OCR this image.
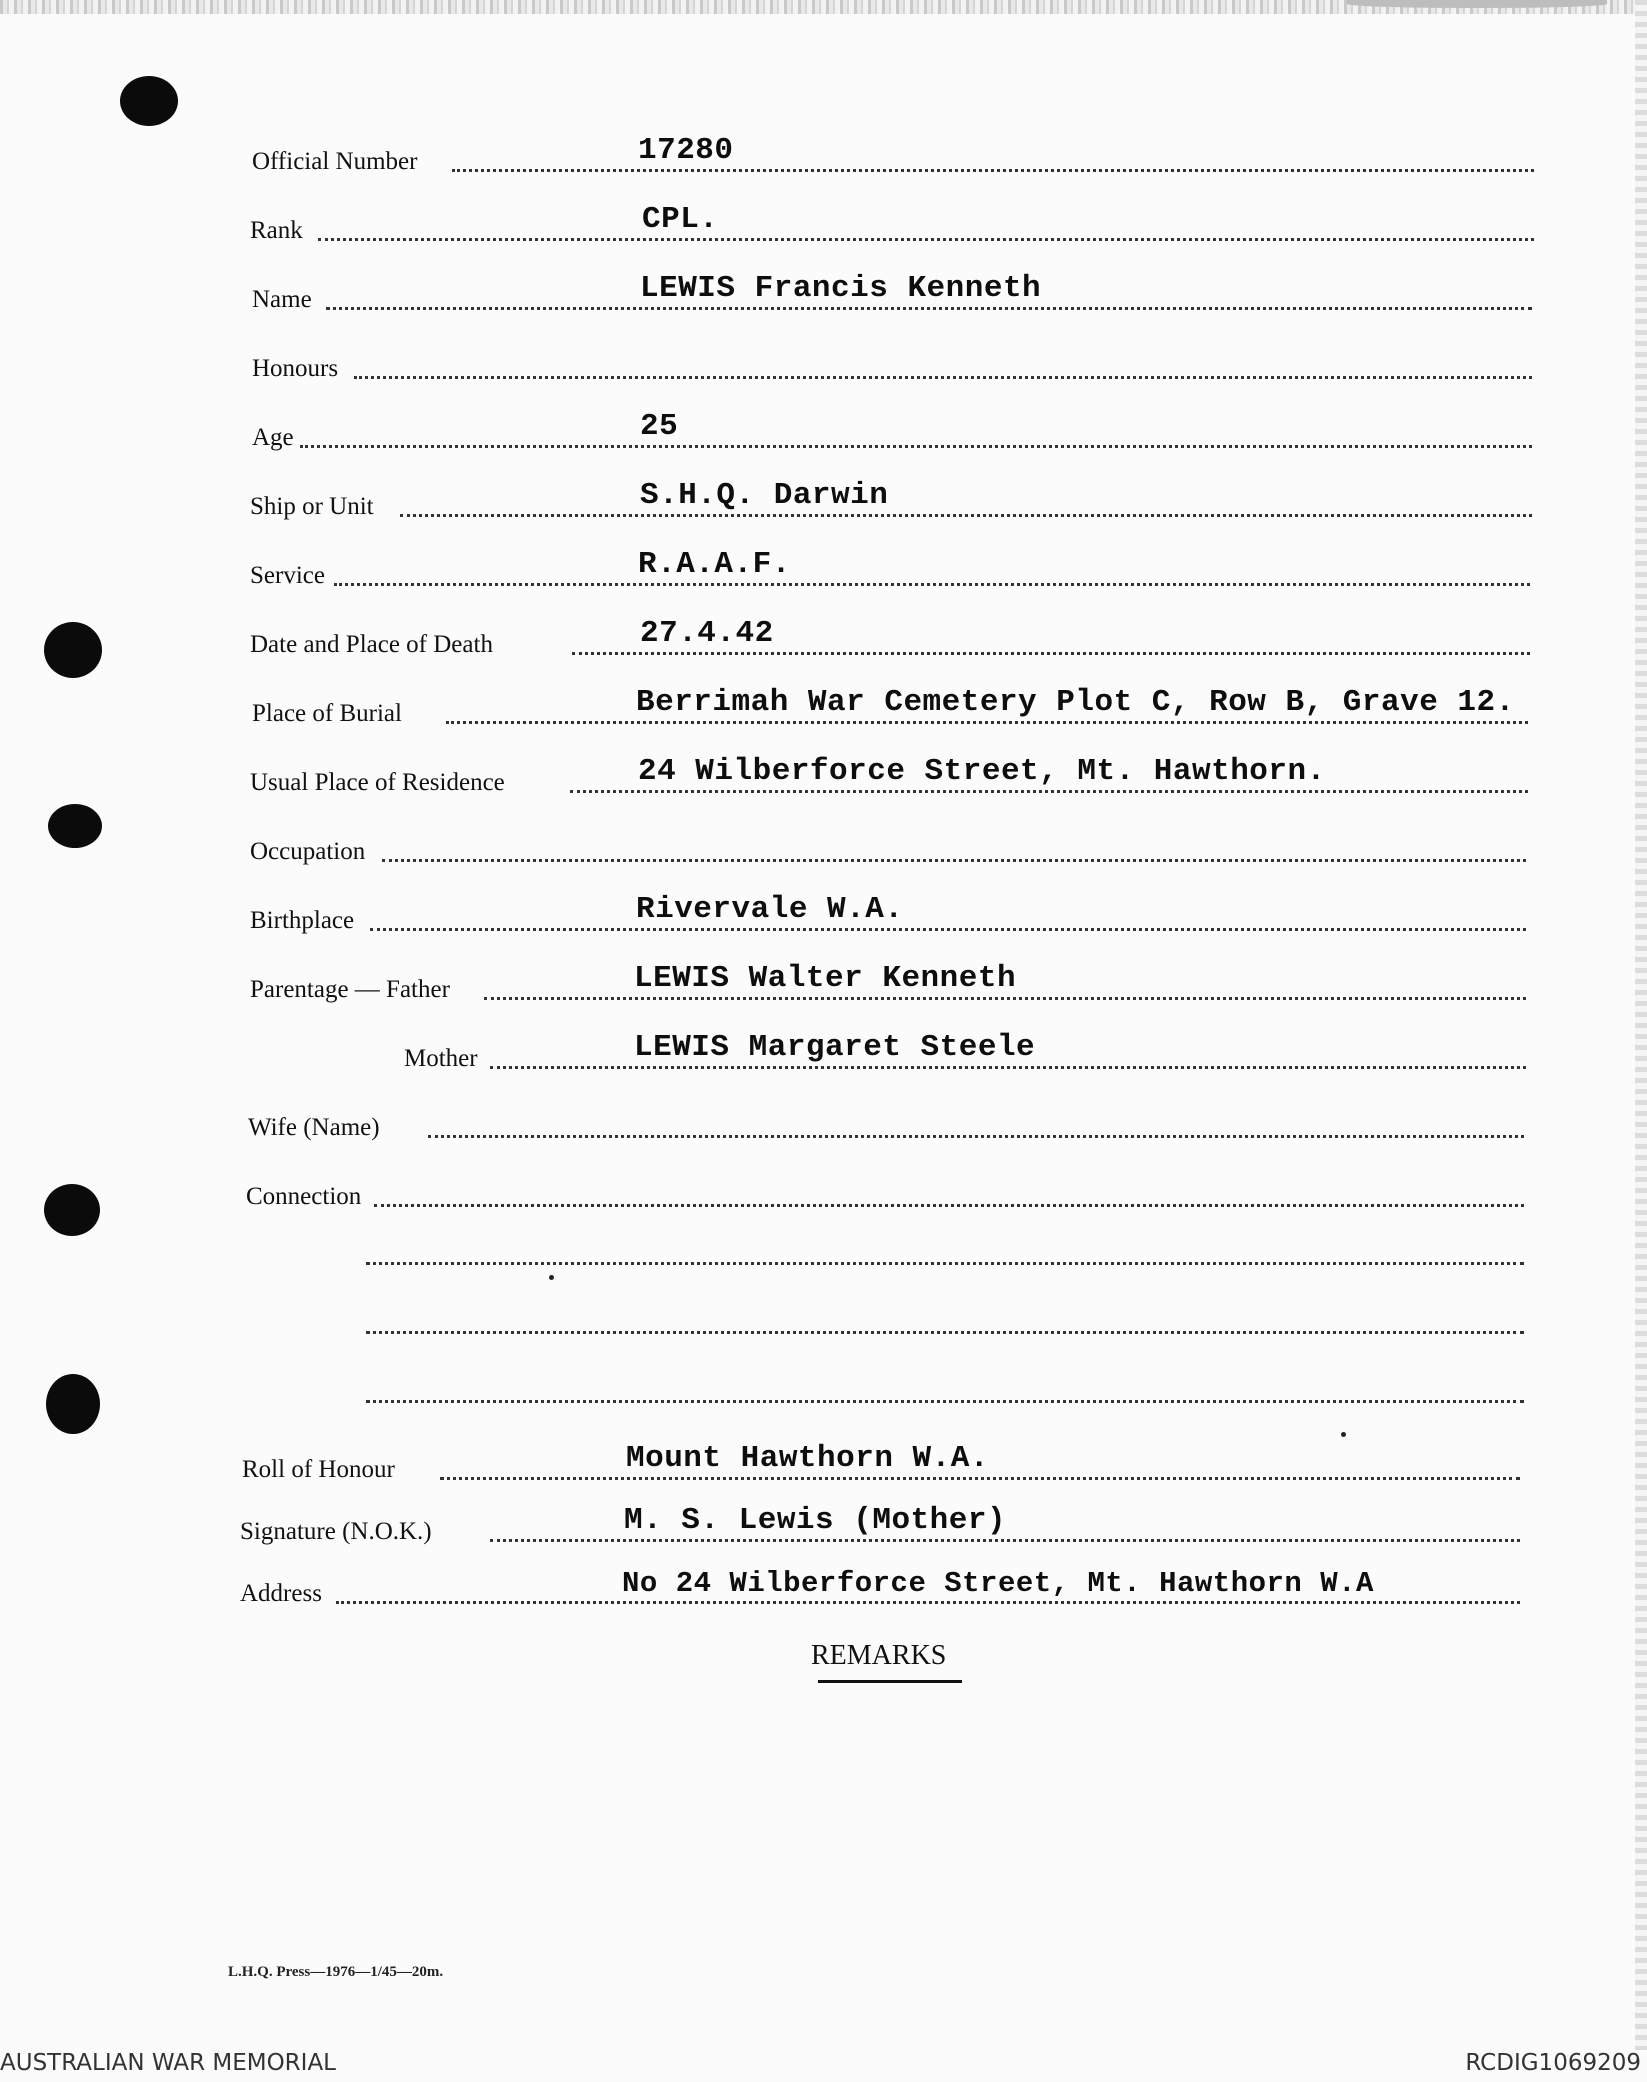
Official Number	17280
Rank	CPL.
Name	LEWIS Francis Kenneth
Honours
Age	25
Ship or Unit	S.H.Q. Darwin
Service	R.A.A.F.
Date and Place of Death	27.4.42
Place of Burial	Berrimah War Cemetery Plot C, Row B, Grave 12.
Usual Place of Residence	24 Wilberforce Street, Mt. Hawthorn.
Occupation
Birthplace	Rivervale W.A.
Parentage — Father	LEWIS Walter Kenneth
Mother	LEWIS Margaret Steele
Wife (Name)
Connection
Roll of Honour	Mount Hawthorn W.A.
Signature (N.O.K.)	M. S. Lewis (Mother)
Address	No 24 Wilberforce Street, Mt. Hawthorn W.A
REMARKS
L.H.Q. Press—1976—1/45—20m.
AUSTRALIAN WAR MEMORIAL	RCDIG1069209
